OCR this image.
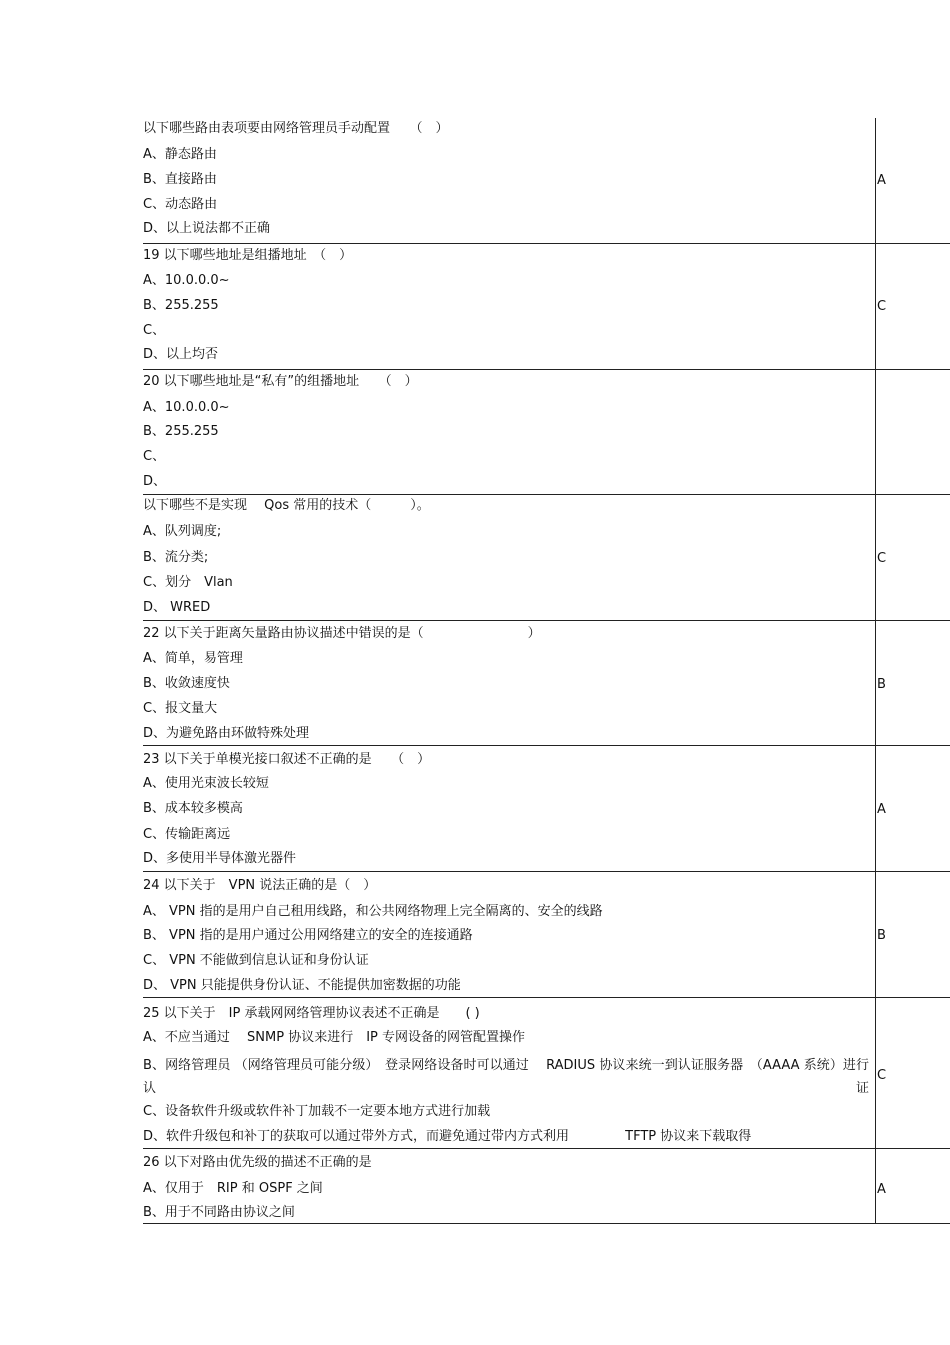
以下哪些路由表项要由网络管理员手动配置　　（　）
A、静态路由
B、直接路由
C、动态路由
D、以上说法都不正确
A
19 以下哪些地址是组播地址　（　）
A、10.0.0.0~
B、255.255
C、
D、以上均否
C
20 以下哪些地址是“私有”的组播地址　　（　）
A、10.0.0.0~
B、255.255
C、
D、
以下哪些不是实现　 Qos 常用的技术（　　　）。
A、队列调度;
B、流分类;
C、划分　Vlan
D、 WRED
C
22 以下关于距离矢量路由协议描述中错误的是（　　　　　　　　）
A、简单，易管理
B、收敛速度快
C、报文量大
D、为避免路由环做特殊处理
B
23 以下关于单模光接口叙述不正确的是　　（　）
A、使用光束波长较短
B、成本较多模高
C、传输距离远
D、多使用半导体激光器件
A
24 以下关于　VPN 说法正确的是（　）
A、 VPN 指的是用户自己租用线路，和公共网络物理上完全隔离的、安全的线路
B、 VPN 指的是用户通过公用网络建立的安全的连接通路
C、 VPN 不能做到信息认证和身份认证
D、 VPN 只能提供身份认证、不能提供加密数据的功能
B
25 以下关于　IP 承载网网络管理协议表述不正确是　　( )
A、不应当通过　 SNMP 协议来进行　IP 专网设备的网管配置操作
B、网络管理员 （网络管理员可能分级）　登录网络设备时可以通过　 RADIUS 协议来统一到认证服务器　（AAAA 系统）进行认证
C、设备软件升级或软件补丁加载不一定要本地方式进行加载
D、软件升级包和补丁的获取可以通过带外方式，而避免通过带内方式利用　　　　 TFTP 协议来下载取得
C
26 以下对路由优先级的描述不正确的是
A、仅用于　RIP 和 OSPF 之间
B、用于不同路由协议之间
A
